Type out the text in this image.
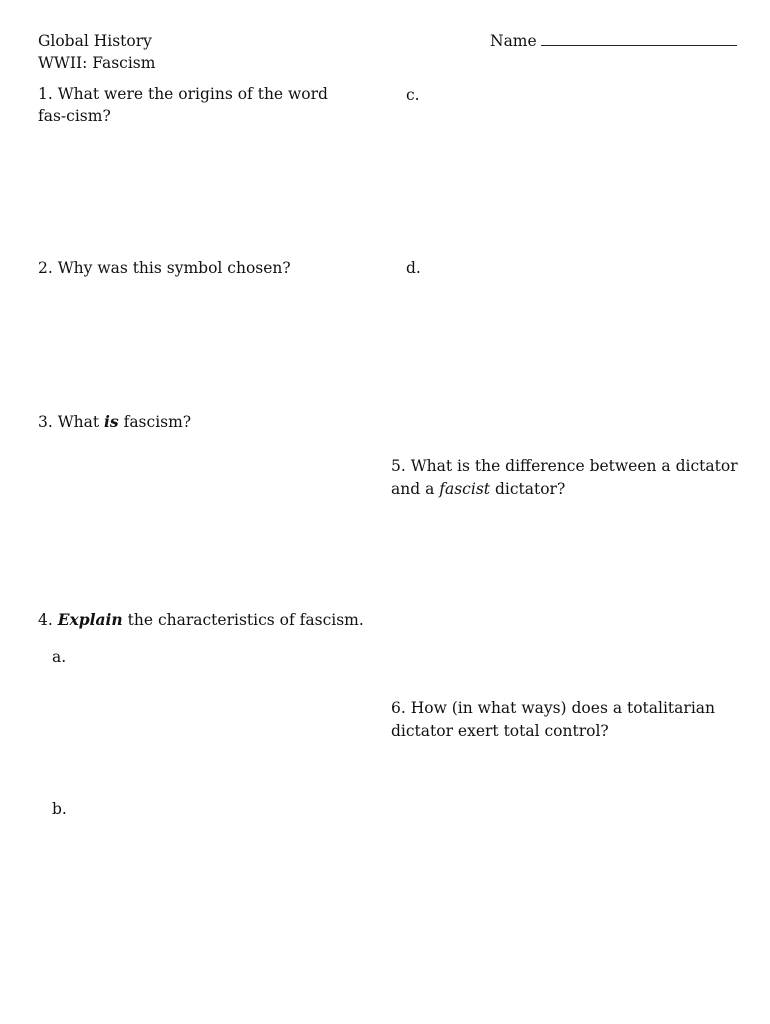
Global History
WWII: Fascism
Name
1. What were the origins of the word fas-cism?
c.
2. Why was this symbol chosen?	d.
3. What is fascism?
5. What is the difference between a dictator
and a fascist dictator?
4. Explain the characteristics of fascism.
a.
6. How (in what ways) does a totalitarian
dictator exert total control?
b.
